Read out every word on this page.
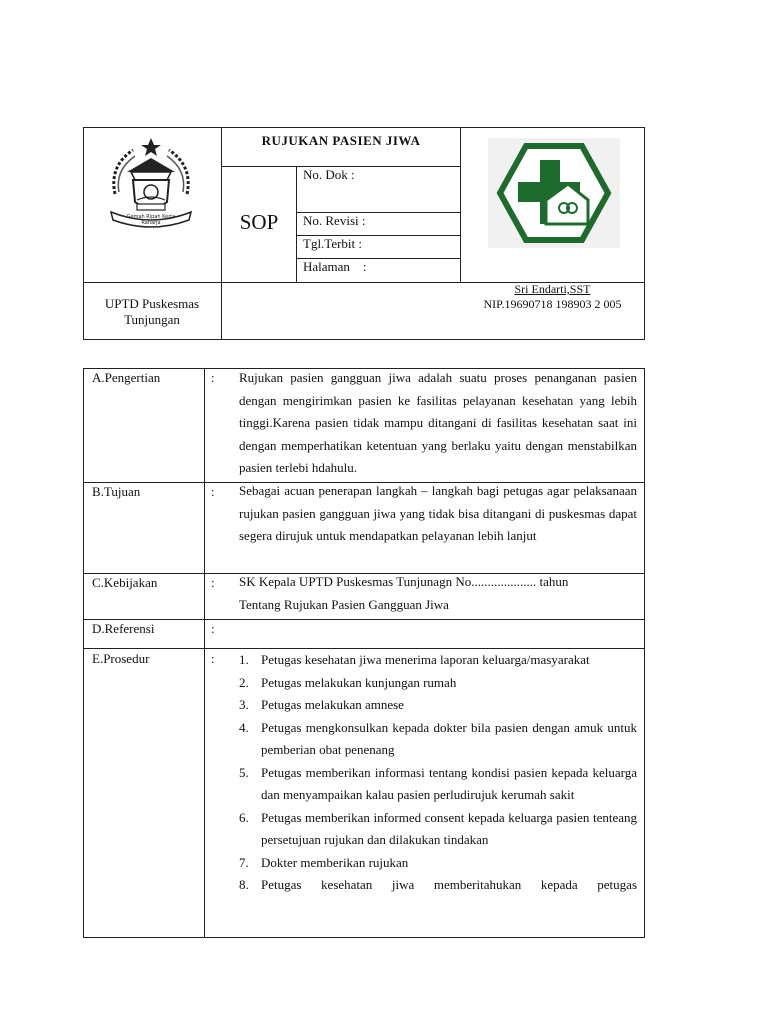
Gemah Ripah Kerta Raharja
RUJUKAN PASIEN JIWA
SOP
No. Dok :
No. Revisi :
Tgl.Terbit :
Halaman    :
UPTD Puskesmas
Tunjungan
Sri Endarti,SST
NIP.19690718 198903 2 005
A.Pengertian	: Rujukan pasien gangguan jiwa adalah suatu proses penanganan pasien dengan mengirimkan pasien ke fasilitas pelayanan kesehatan yang lebih tinggi.Karena pasien tidak mampu ditangani di fasilitas kesehatan saat ini dengan memperhatikan ketentuan yang berlaku yaitu dengan menstabilkan pasien terlebi hdahulu.
B.Tujuan	: Sebagai acuan penerapan langkah – langkah bagi petugas agar pelaksanaan rujukan pasien gangguan jiwa yang tidak bisa ditangani di puskesmas dapat segera dirujuk untuk mendapatkan pelayanan lebih lanjut
C.Kebijakan	: SK Kepala UPTD Puskesmas Tunjunagn No.................... tahun
Tentang Rujukan Pasien Gangguan Jiwa
D.Referensi	:
E.Prosedur	: 1. Petugas kesehatan jiwa menerima laporan keluarga/masyarakat
2. Petugas melakukan kunjungan rumah
3. Petugas melakukan amnese
4. Petugas mengkonsulkan kepada dokter bila pasien dengan amuk untuk pemberian obat penenang
5. Petugas memberikan informasi tentang kondisi pasien kepada keluarga dan menyampaikan kalau pasien perludirujuk kerumah sakit
6. Petugas memberikan informed consent kepada keluarga pasien tenteang persetujuan rujukan dan dilakukan tindakan
7. Dokter memberikan rujukan
8. Petugas kesehatan jiwa memberitahukan kepada petugas
